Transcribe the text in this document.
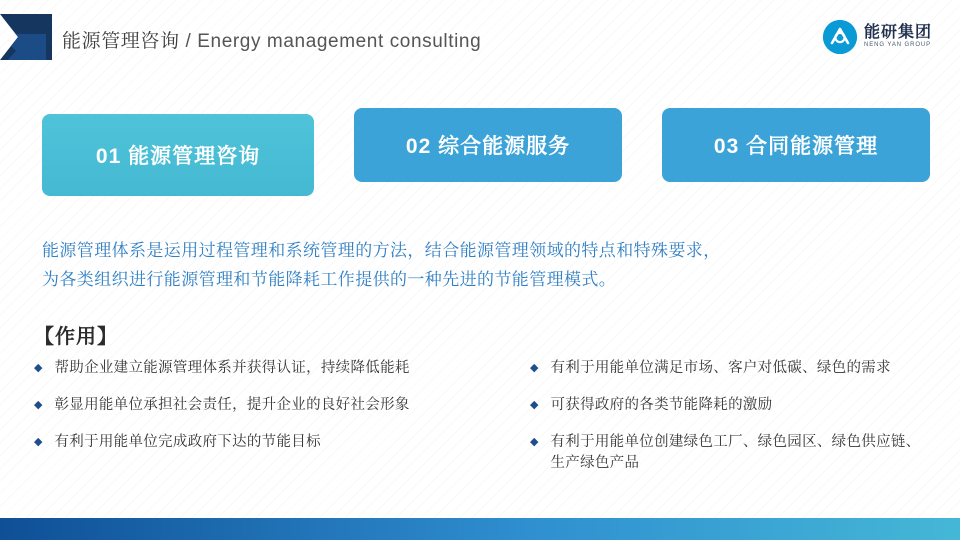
能源管理咨询 / Energy management consulting	能研集团
NENG YAN GROUP
01 能源管理咨询	02 综合能源服务	03 合同能源管理
能源管理体系是运用过程管理和系统管理的方法，结合能源管理领域的特点和特殊要求，
为各类组织进行能源管理和节能降耗工作提供的一种先进的节能管理模式。
【作用】
◆ 帮助企业建立能源管理体系并获得认证，持续降低能耗
◆ 彰显用能单位承担社会责任，提升企业的良好社会形象
◆ 有利于用能单位完成政府下达的节能目标
◆ 有利于用能单位满足市场、客户对低碳、绿色的需求
◆ 可获得政府的各类节能降耗的激励
◆ 有利于用能单位创建绿色工厂、绿色园区、绿色供应链、生产绿色产品
